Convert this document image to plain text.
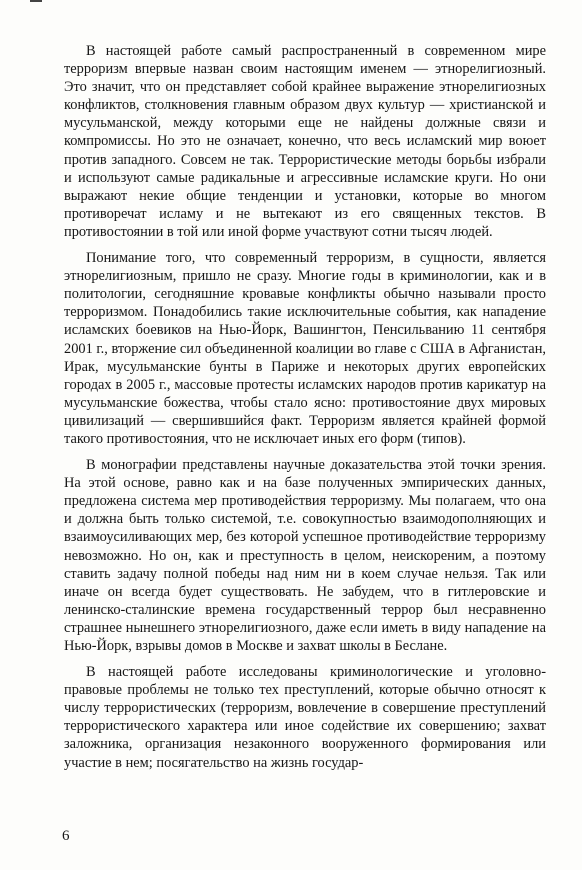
В настоящей работе самый распространенный в современном мире терроризм впервые назван своим настоящим именем — этнорелигиозный. Это значит, что он представляет собой крайнее выражение этнорелигиозных конфликтов, столкновения главным образом двух культур — христианской и мусульманской, между которыми еще не найдены должные связи и компромиссы. Но это не означает, конечно, что весь исламский мир воюет против западного. Совсем не так. Террористические методы борьбы избрали и используют самые радикальные и агрессивные исламские круги. Но они выражают некие общие тенденции и установки, которые во многом противоречат исламу и не вытекают из его священных текстов. В противостоянии в той или иной форме участвуют сотни тысяч людей.

Понимание того, что современный терроризм, в сущности, является этнорелигиозным, пришло не сразу. Многие годы в криминологии, как и в политологии, сегодняшние кровавые конфликты обычно называли просто терроризмом. Понадобились такие исключительные события, как нападение исламских боевиков на Нью-Йорк, Вашингтон, Пенсильванию 11 сентября 2001 г., вторжение сил объединенной коалиции во главе с США в Афганистан, Ирак, мусульманские бунты в Париже и некоторых других европейских городах в 2005 г., массовые протесты исламских народов против карикатур на мусульманские божества, чтобы стало ясно: противостояние двух мировых цивилизаций — свершившийся факт. Терроризм является крайней формой такого противостояния, что не исключает иных его форм (типов).

В монографии представлены научные доказательства этой точки зрения. На этой основе, равно как и на базе полученных эмпирических данных, предложена система мер противодействия терроризму. Мы полагаем, что она и должна быть только системой, т.е. совокупностью взаимодополняющих и взаимоусиливающих мер, без которой успешное противодействие терроризму невозможно. Но он, как и преступность в целом, неискореним, а поэтому ставить задачу полной победы над ним ни в коем случае нельзя. Так или иначе он всегда будет существовать. Не забудем, что в гитлеровские и ленинско-сталинские времена государственный террор был несравненно страшнее нынешнего этнорелигиозного, даже если иметь в виду нападение на Нью-Йорк, взрывы домов в Москве и захват школы в Беслане.

В настоящей работе исследованы криминологические и уголовноправовые проблемы не только тех преступлений, которые обычно относят к числу террористических (терроризм, вовлечение в совершение преступлений террористического характера или иное содействие их совершению; захват заложника, организация незаконного вооруженного формирования или участие в нем; посягательство на жизнь государ-

6
